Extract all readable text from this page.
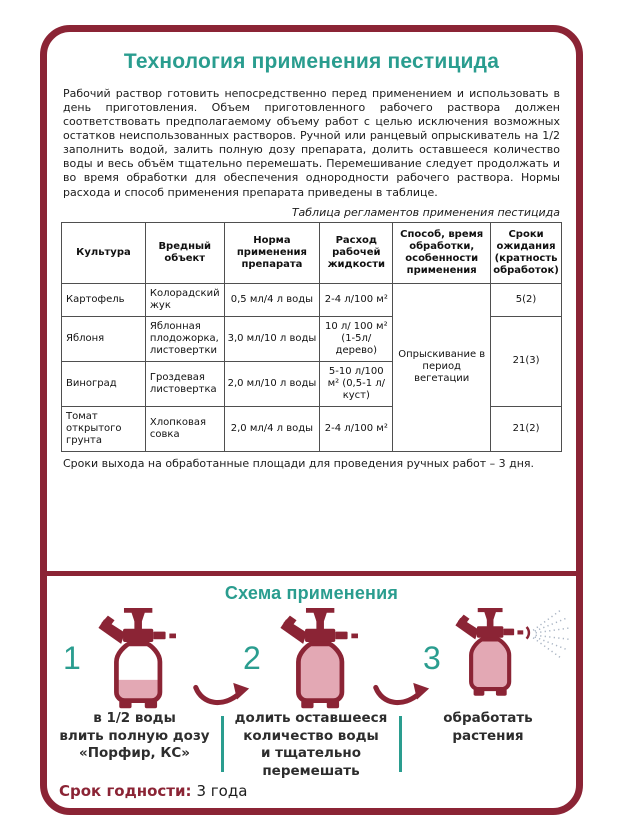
Технология применения пестицида

Рабочий раствор готовить непосредственно перед применением и использовать в день приготовления. Объем приготовленного рабочего раствора должен соответствовать предполагаемому объему работ с целью исключения возможных остатков неиспользованных растворов. Ручной или ранцевый опрыскиватель на 1/2 заполнить водой, залить полную дозу препарата, долить оставшееся количество воды и весь объём тщательно перемешать. Перемешивание следует продолжать и во время обработки для обеспечения однородности рабочего раствора. Нормы расхода и способ применения препарата приведены в таблице.

Таблица регламентов применения пестицида
Культура	Вредный объект	Норма применения препарата	Расход рабочей жидкости	Способ, время обработки, особенности применения	Сроки ожидания (кратность обработок)
Картофель	Колорадский жук	0,5 мл/4 л воды	2-4 л/100 м²	Опрыскивание в период вегетации	5(2)
Яблоня	Яблонная плодожорка, листовертки	3,0 мл/10 л воды	10 л/ 100 м² (1-5л/дерево)		21(3)
Виноград	Гроздевая листовертка	2,0 мл/10 л воды	5-10 л/100 м² (0,5-1 л/куст)		
Томат открытого грунта	Хлопковая совка	2,0 мл/4 л воды	2-4 л/100 м²		21(2)

Сроки выхода на обработанные площади для проведения ручных работ – 3 дня.

Схема применения
1	2	3
в 1/2 воды
влить полную дозу
«Порфир, КС»
долить оставшееся
количество воды
и тщательно
перемешать
обработать
растения
Срок годности: 3 года
